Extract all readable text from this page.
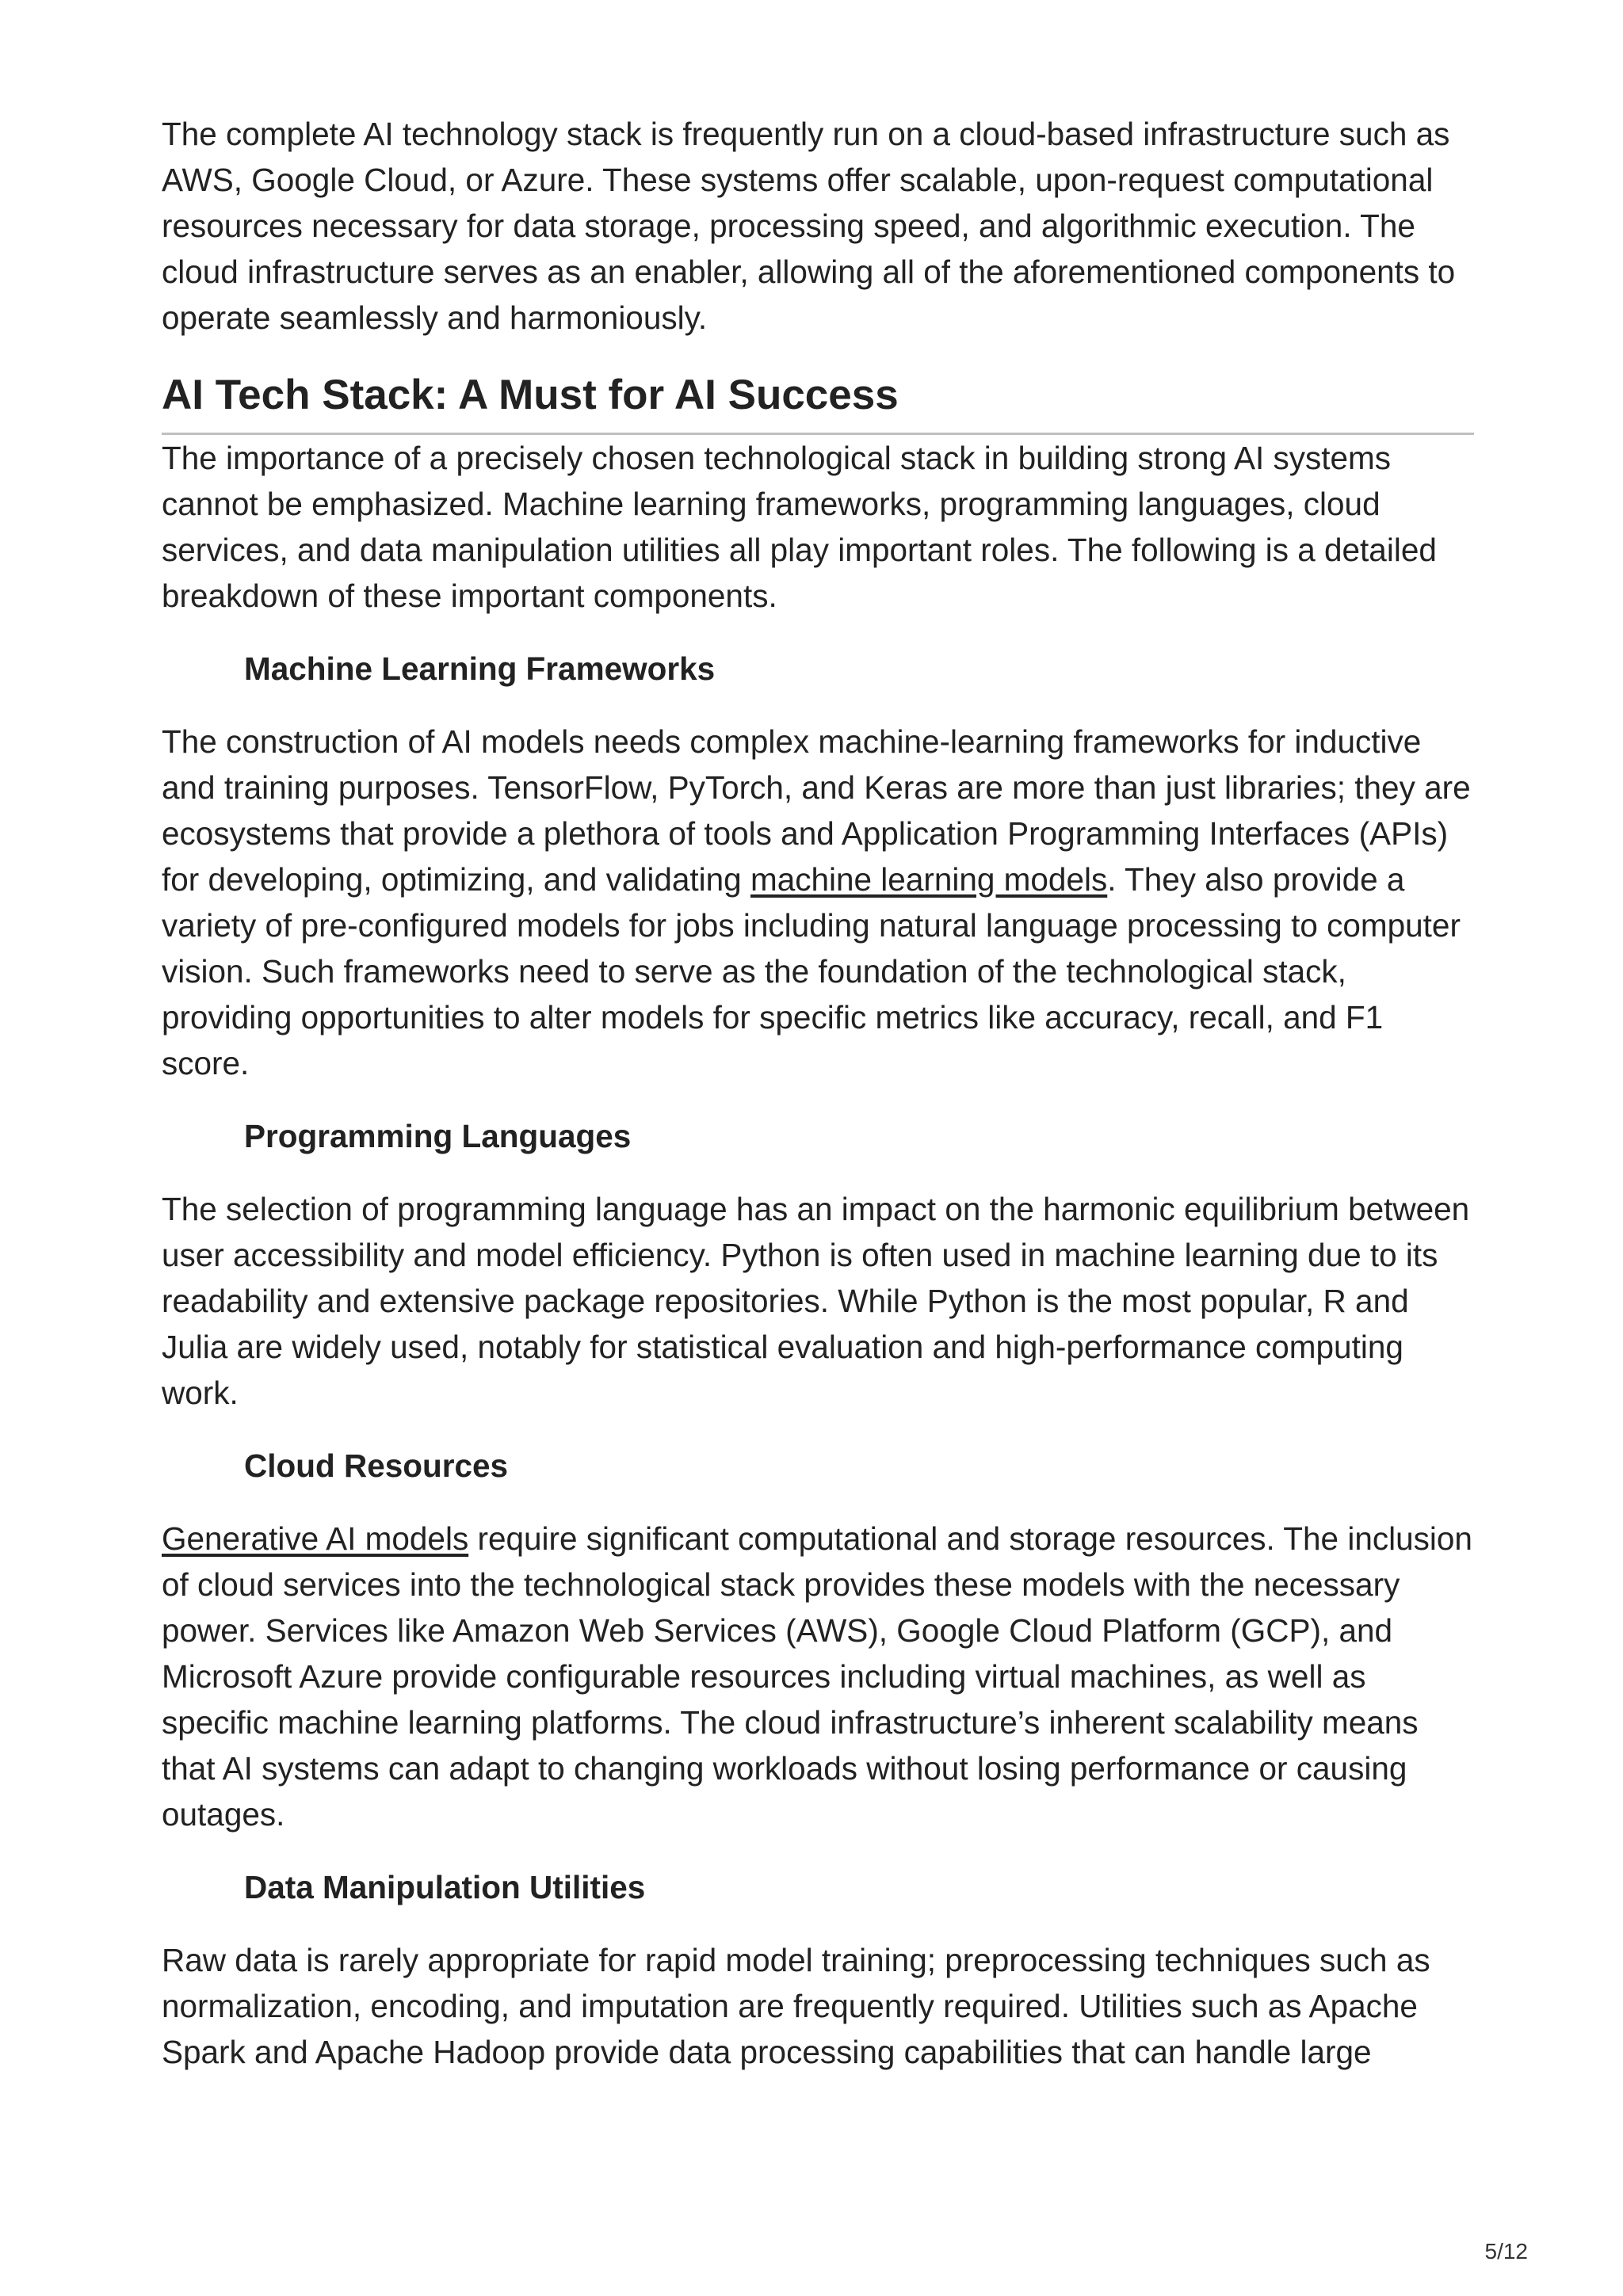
The complete AI technology stack is frequently run on a cloud-based infrastructure such as AWS, Google Cloud, or Azure. These systems offer scalable, upon-request computational resources necessary for data storage, processing speed, and algorithmic execution. The cloud infrastructure serves as an enabler, allowing all of the aforementioned components to operate seamlessly and harmoniously.

AI Tech Stack: A Must for AI Success

The importance of a precisely chosen technological stack in building strong AI systems cannot be emphasized. Machine learning frameworks, programming languages, cloud services, and data manipulation utilities all play important roles. The following is a detailed breakdown of these important components.

Machine Learning Frameworks

The construction of AI models needs complex machine-learning frameworks for inductive and training purposes. TensorFlow, PyTorch, and Keras are more than just libraries; they are ecosystems that provide a plethora of tools and Application Programming Interfaces (APIs) for developing, optimizing, and validating machine learning models. They also provide a variety of pre-configured models for jobs including natural language processing to computer vision. Such frameworks need to serve as the foundation of the technological stack, providing opportunities to alter models for specific metrics like accuracy, recall, and F1 score.

Programming Languages

The selection of programming language has an impact on the harmonic equilibrium between user accessibility and model efficiency. Python is often used in machine learning due to its readability and extensive package repositories. While Python is the most popular, R and Julia are widely used, notably for statistical evaluation and high-performance computing work.

Cloud Resources

Generative AI models require significant computational and storage resources. The inclusion of cloud services into the technological stack provides these models with the necessary power. Services like Amazon Web Services (AWS), Google Cloud Platform (GCP), and Microsoft Azure provide configurable resources including virtual machines, as well as specific machine learning platforms. The cloud infrastructure’s inherent scalability means that AI systems can adapt to changing workloads without losing performance or causing outages.

Data Manipulation Utilities

Raw data is rarely appropriate for rapid model training; preprocessing techniques such as normalization, encoding, and imputation are frequently required. Utilities such as Apache Spark and Apache Hadoop provide data processing capabilities that can handle large

5/12
